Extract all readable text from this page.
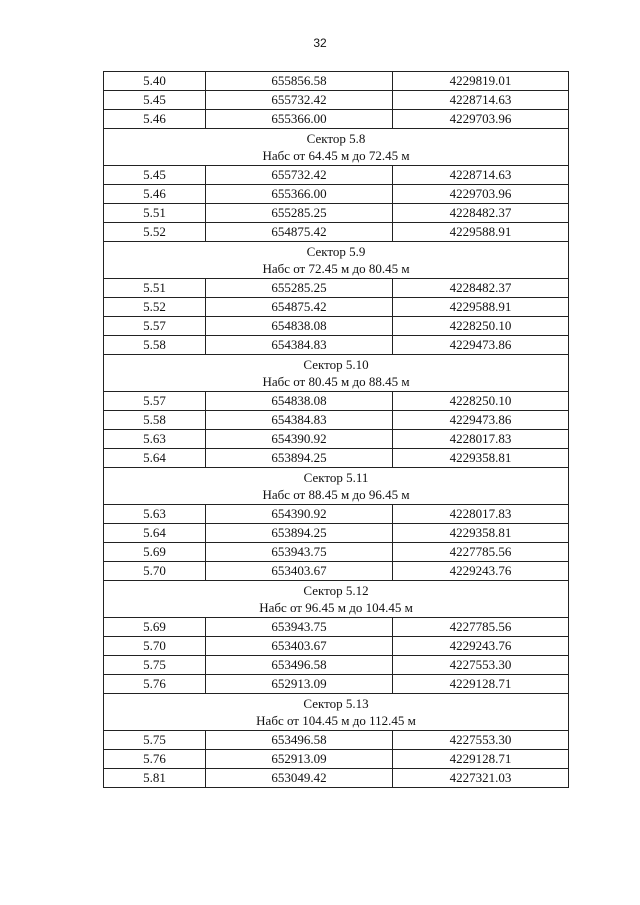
32
5.40	655856.58	4229819.01
5.45	655732.42	4228714.63
5.46	655366.00	4229703.96

Сектор 5.8
Набс от 64.45 м до 72.45 м		

5.45	655732.42	4228714.63
5.46	655366.00	4229703.96
5.51	655285.25	4228482.37
5.52	654875.42	4229588.91

Сектор 5.9
Набс от 72.45 м до 80.45 м		

5.51	655285.25	4228482.37
5.52	654875.42	4229588.91
5.57	654838.08	4228250.10
5.58	654384.83	4229473.86

Сектор 5.10
Набс от 80.45 м до 88.45 м		

5.57	654838.08	4228250.10
5.58	654384.83	4229473.86
5.63	654390.92	4228017.83
5.64	653894.25	4229358.81

Сектор 5.11
Набс от 88.45 м до 96.45 м		

5.63	654390.92	4228017.83
5.64	653894.25	4229358.81
5.69	653943.75	4227785.56
5.70	653403.67	4229243.76

Сектор 5.12
Набс от 96.45 м до 104.45 м		

5.69	653943.75	4227785.56
5.70	653403.67	4229243.76
5.75	653496.58	4227553.30
5.76	652913.09	4229128.71

Сектор 5.13
Набс от 104.45 м до 112.45 м		

5.75	653496.58	4227553.30
5.76	652913.09	4229128.71
5.81	653049.42	4227321.03
